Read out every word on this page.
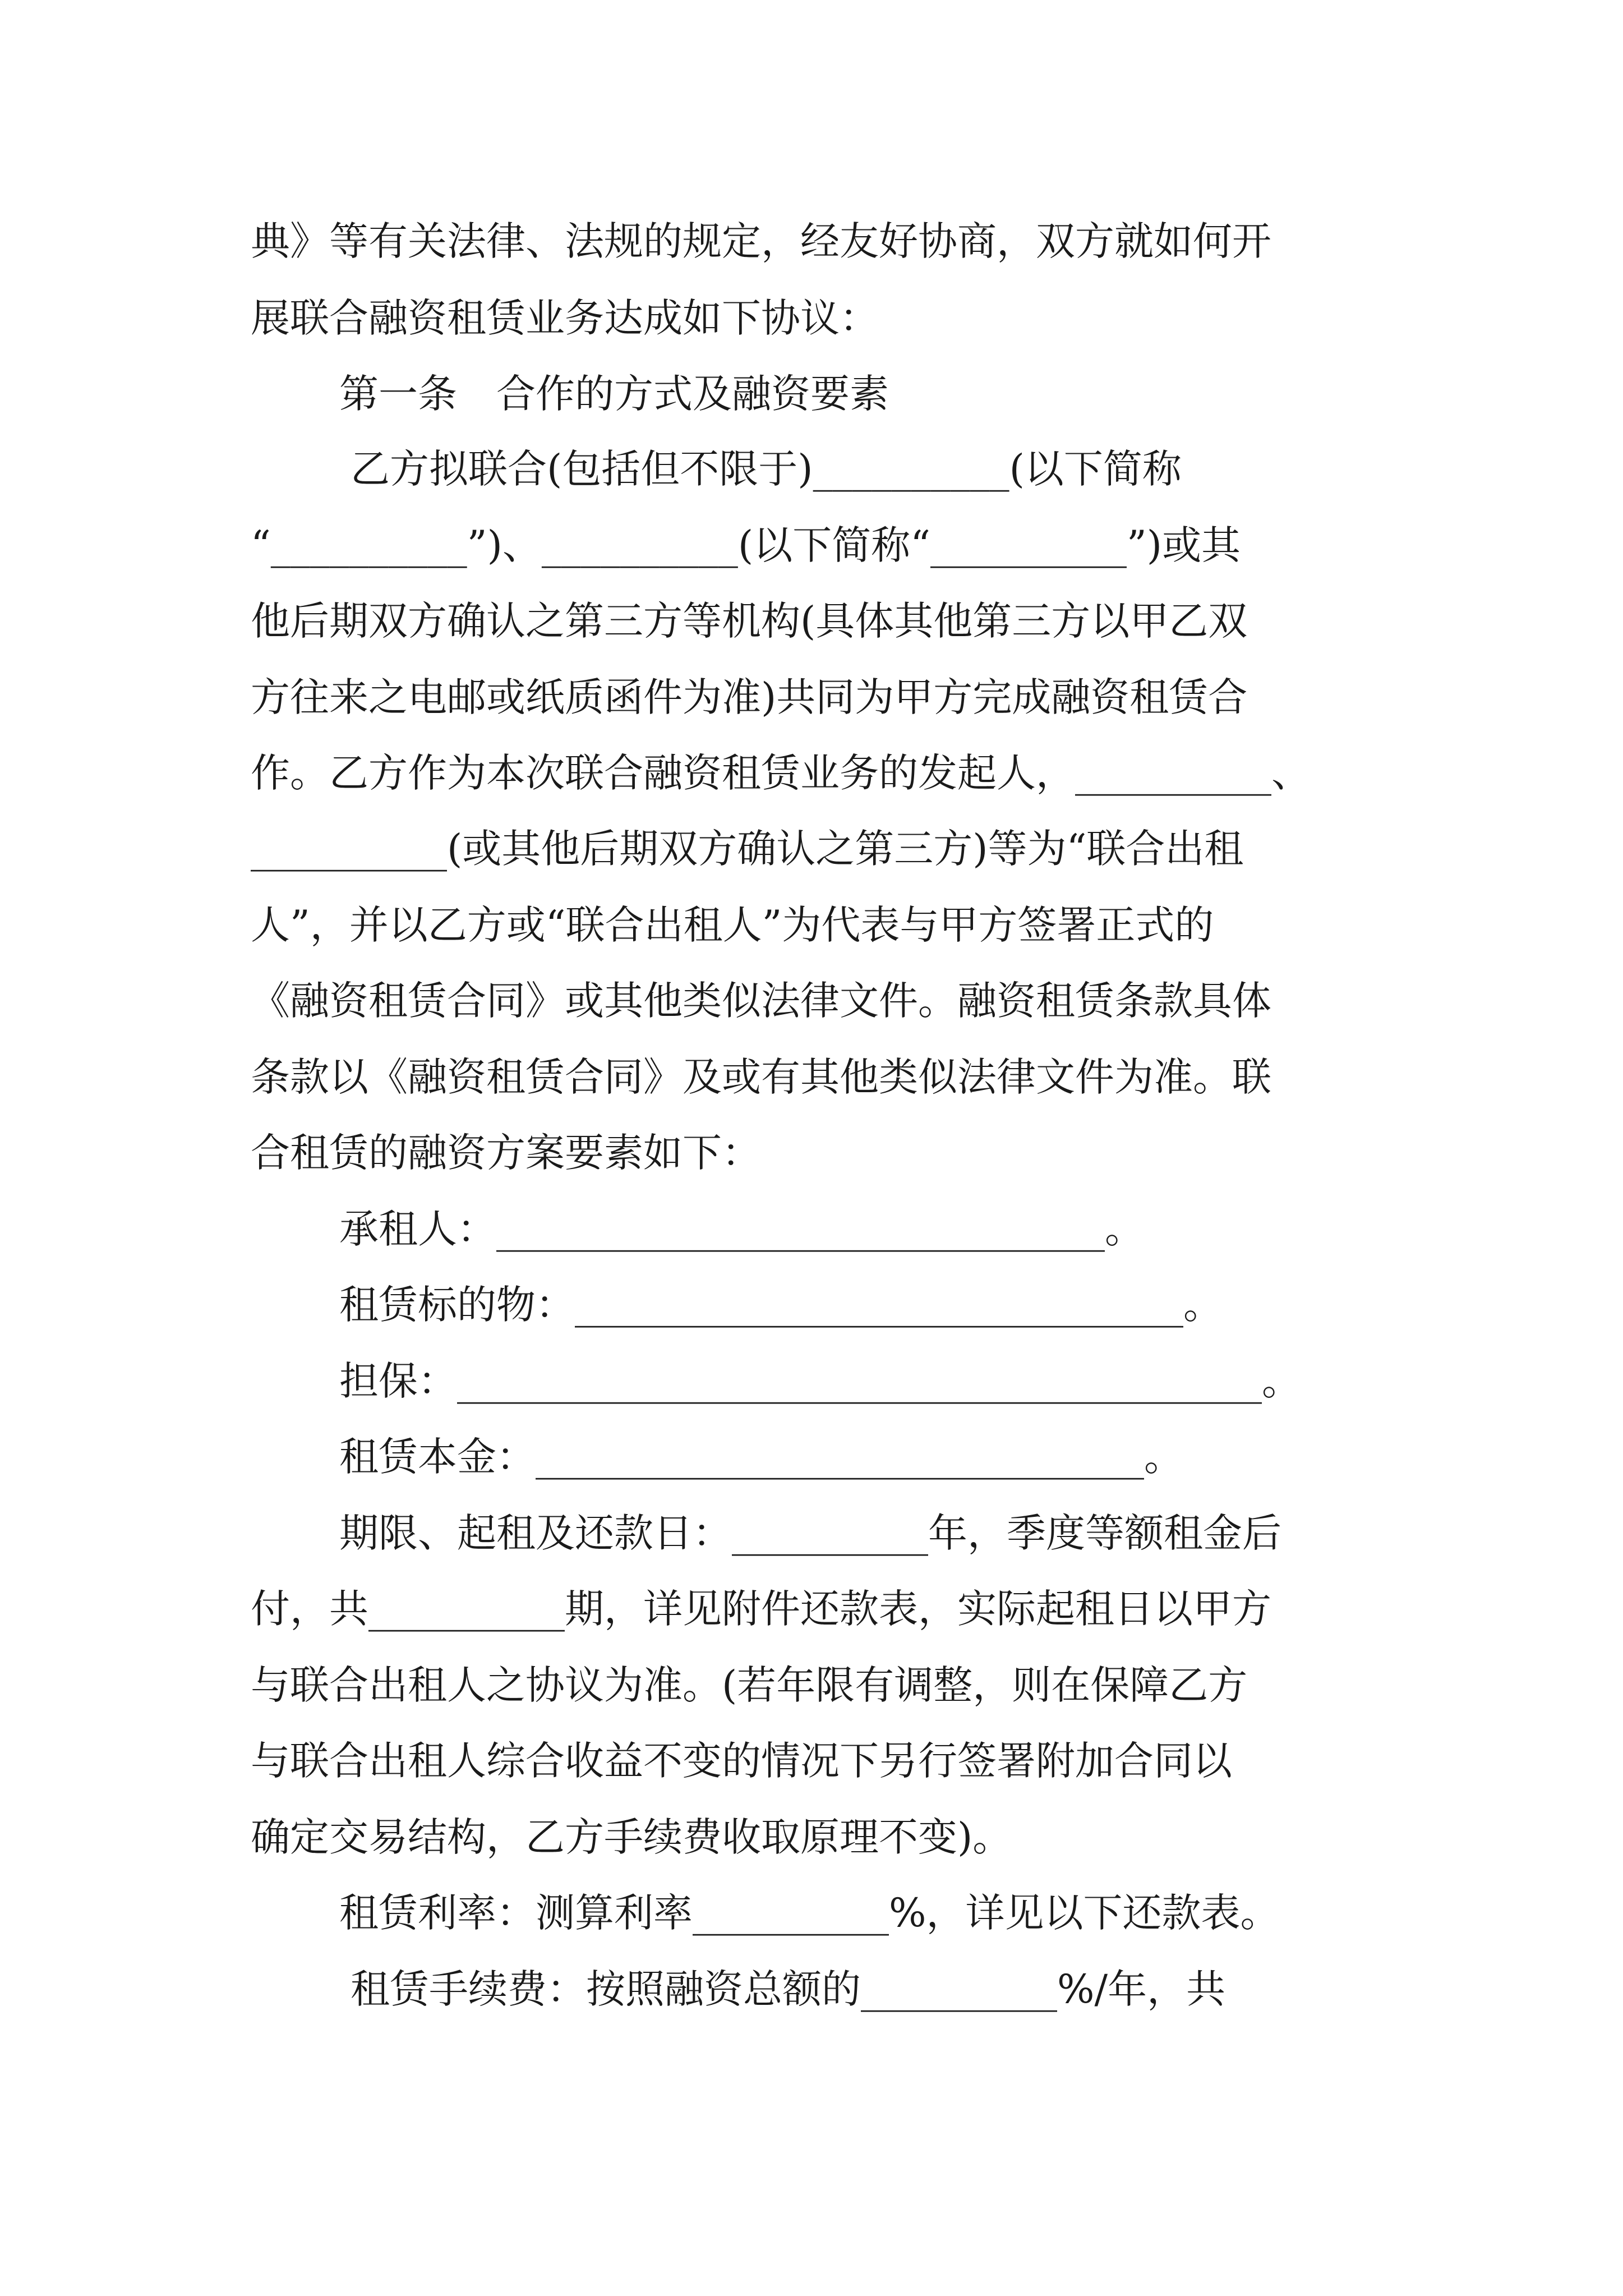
典》等有关法律、法规的规定，经友好协商，双方就如何开
展联合融资租赁业务达成如下协议：
第一条　合作的方式及融资要素
乙方拟联合(包括但不限于)__________(以下简称
“__________”)、__________(以下简称“__________”)或其
他后期双方确认之第三方等机构(具体其他第三方以甲乙双
方往来之电邮或纸质函件为准)共同为甲方完成融资租赁合
作。乙方作为本次联合融资租赁业务的发起人，__________、
__________(或其他后期双方确认之第三方)等为“联合出租
人”，并以乙方或“联合出租人”为代表与甲方签署正式的
《融资租赁合同》或其他类似法律文件。融资租赁条款具体
条款以《融资租赁合同》及或有其他类似法律文件为准。联
合租赁的融资方案要素如下：
承租人：_______________________________。
租赁标的物：_______________________________。
担保：_________________________________________。
租赁本金：_______________________________。
期限、起租及还款日：__________年，季度等额租金后
付，共__________期，详见附件还款表，实际起租日以甲方
与联合出租人之协议为准。(若年限有调整，则在保障乙方
与联合出租人综合收益不变的情况下另行签署附加合同以
确定交易结构，乙方手续费收取原理不变)。
租赁利率：测算利率__________%，详见以下还款表。
租赁手续费：按照融资总额的__________%/年，共
